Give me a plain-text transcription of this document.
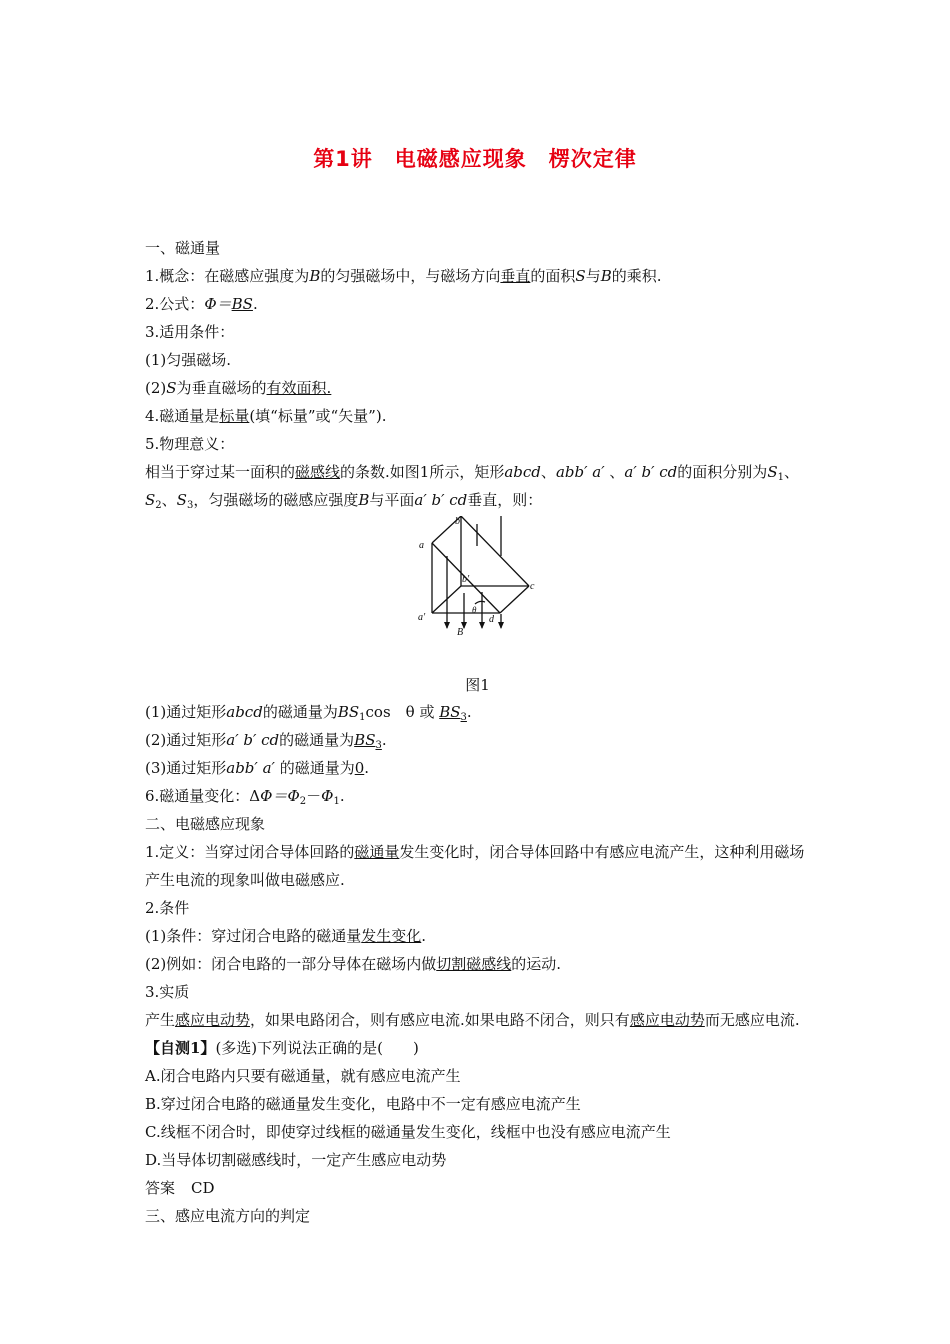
第1讲　电磁感应现象　楞次定律
一、磁通量
1.概念：在磁感应强度为B的匀强磁场中，与磁场方向垂直的面积S与B的乘积.
2.公式：Φ＝BS.
3.适用条件：
(1)匀强磁场.
(2)S为垂直磁场的有效面积.
4.磁通量是标量(填“标量”或“矢量”).
5.物理意义：
相当于穿过某一面积的磁感线的条数.如图1所示，矩形abcd、abb′ a′ 、a′ b′ cd的面积分别为$S_1$、$S_2$、$S_3$，匀强磁场的磁感应强度B与平面a′ b′ cd垂直，则：
a
b
b′
c
a′
B
d
θ
图1
(1)通过矩形abcd的磁通量为$BS_1\cos$　θ 或 $BS_3$.
(2)通过矩形a′ b′ cd的磁通量为$BS_3$.
(3)通过矩形abb′ a′ 的磁通量为0.
6.磁通量变化：$\Delta\Phi=\Phi_2-\Phi_1$.
二、电磁感应现象
1.定义：当穿过闭合导体回路的磁通量发生变化时，闭合导体回路中有感应电流产生，这种利用磁场产生电流的现象叫做电磁感应.
2.条件
(1)条件：穿过闭合电路的磁通量发生变化.
(2)例如：闭合电路的一部分导体在磁场内做切割磁感线的运动.
3.实质
产生感应电动势，如果电路闭合，则有感应电流.如果电路不闭合，则只有感应电动势而无感应电流.
【自测1】(多选)下列说法正确的是(　　)
A.闭合电路内只要有磁通量，就有感应电流产生
B.穿过闭合电路的磁通量发生变化，电路中不一定有感应电流产生
C.线框不闭合时，即使穿过线框的磁通量发生变化，线框中也没有感应电流产生
D.当导体切割磁感线时，一定产生感应电动势
答案 CD
三、感应电流方向的判定
